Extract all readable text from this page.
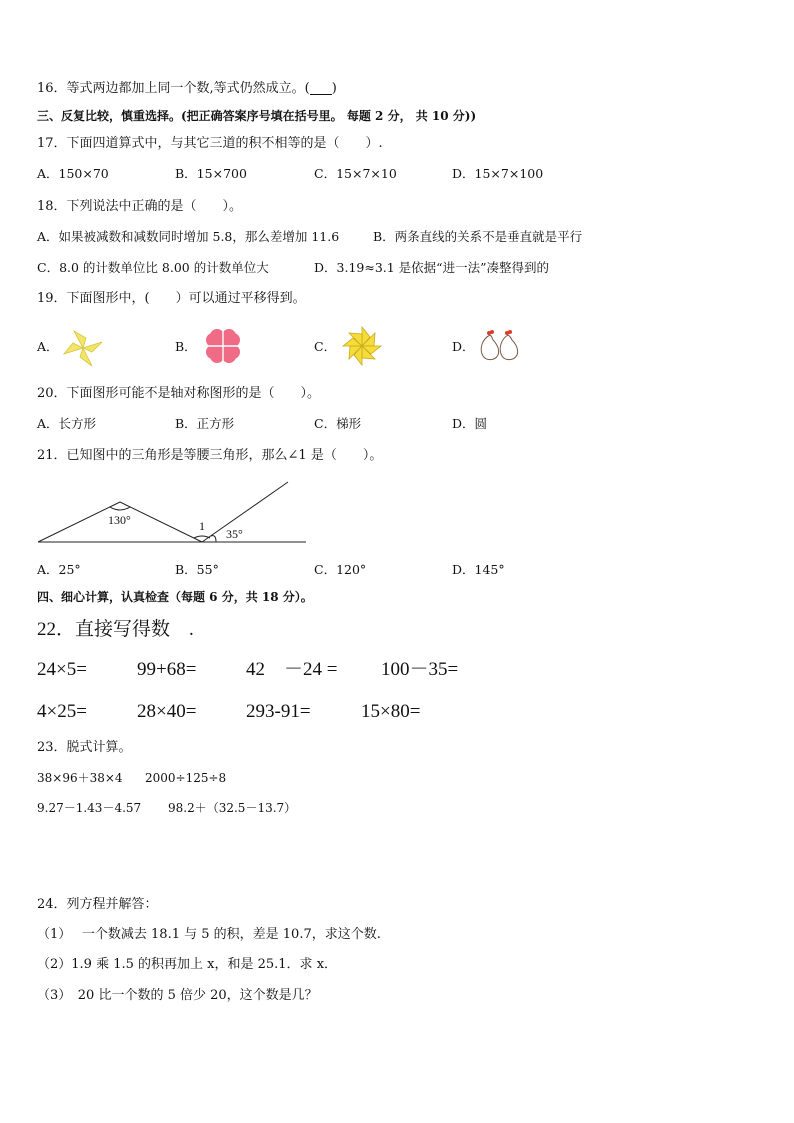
16．等式两边都加上同一个数,等式仍然成立。( )
三、反复比较，慎重选择。(把正确答案序号填在括号里。 每题 2 分， 共 10 分))
17．下面四道算式中，与其它三道的积不相等的是（　　）.
A．150×70	B．15×700	C．15×7×10	D．15×7×100
18．下列说法中正确的是（　　）。
A．如果被减数和减数同时增加 5.8，那么差增加 11.6	B．两条直线的关系不是垂直就是平行
C．8.0 的计数单位比 8.00 的计数单位大	D．3.19≈3.1 是依据“进一法”凑整得到的
19．下面图形中，(　　）可以通过平移得到。
A．	B．	C．	D．
20．下面图形可能不是轴对称图形的是（　　）。
A．长方形	B．正方形	C．梯形	D．圆
21．已知图中的三角形是等腰三角形，那么∠1 是（　　）。
130°	1
35°
A．25°	B．55°	C．120°	D．145°
四、细心计算，认真检查（每题 6 分，共 18 分）。
22．直接写得数　.
24×5=	99+68=	42　－24 = 100－35=
4×25=	28×40=	293-91=	15×80=
23．脱式计算。
38×96＋38×4 2000÷125÷8
9.27－1.43－4.57 98.2＋（32.5－13.7）
24．列方程并解答：
（1）　 一个数减去 18.1 与 5 的积，差是 10.7，求这个数.
（2）1.9 乘 1.5 的积再加上 x，和是 25.1．求 x．
（3）　20 比一个数的 5 倍少 20，这个数是几？
